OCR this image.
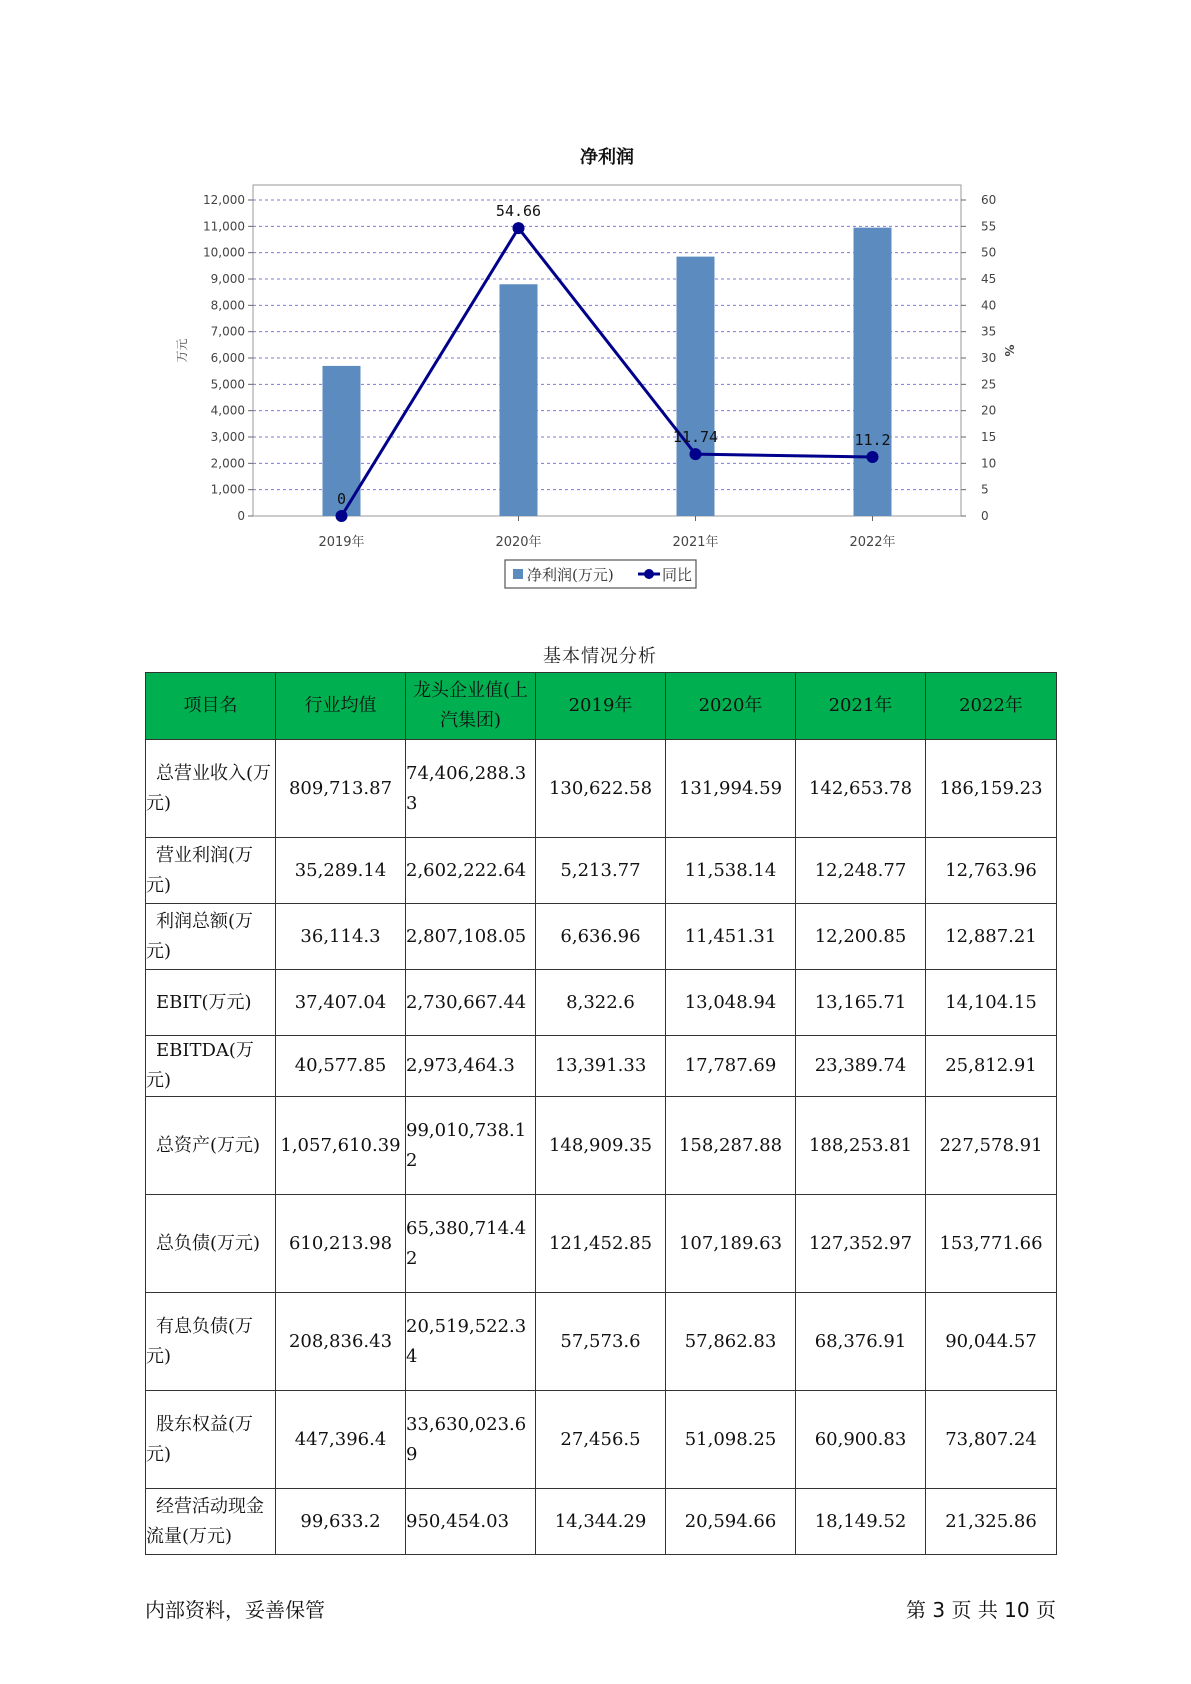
净利润
0
1,000
2,000
3,000
4,000
5,000
6,000
7,000
8,000
9,000
10,000
11,000
12,000
0
5
10
15
20
25
30
35
40
45
50
55
60
万元	%
2019年	2020年	2021年	2022年
0
54.66
11.74	11.2
净利润(万元)	同比
基本情况分析
项目名	行业均值	龙头企业值(上汽集团)	2019年	2020年	2021年	2022年

总营业收入(万元)	809,713.87	74,406,288.33	130,622.58	131,994.59	142,653.78	186,159.23

营业利润(万元)	35,289.14	2,602,222.64	5,213.77	11,538.14	12,248.77	12,763.96

利润总额(万元)	36,114.3	2,807,108.05	6,636.96	11,451.31	12,200.85	12,887.21

EBIT(万元)	37,407.04	2,730,667.44	8,322.6	13,048.94	13,165.71	14,104.15

EBITDA(万元)	40,577.85	2,973,464.3	13,391.33	17,787.69	23,389.74	25,812.91

总资产(万元)	1,057,610.39	99,010,738.12	148,909.35	158,287.88	188,253.81	227,578.91

总负债(万元)	610,213.98	65,380,714.42	121,452.85	107,189.63	127,352.97	153,771.66

有息负债(万元)	208,836.43	20,519,522.34	57,573.6	57,862.83	68,376.91	90,044.57

股东权益(万元)	447,396.4	33,630,023.69	27,456.5	51,098.25	60,900.83	73,807.24

经营活动现金流量(万元)	99,633.2	950,454.03	14,344.29	20,594.66	18,149.52	21,325.86
内部资料，妥善保管	第 3 页 共 10 页
